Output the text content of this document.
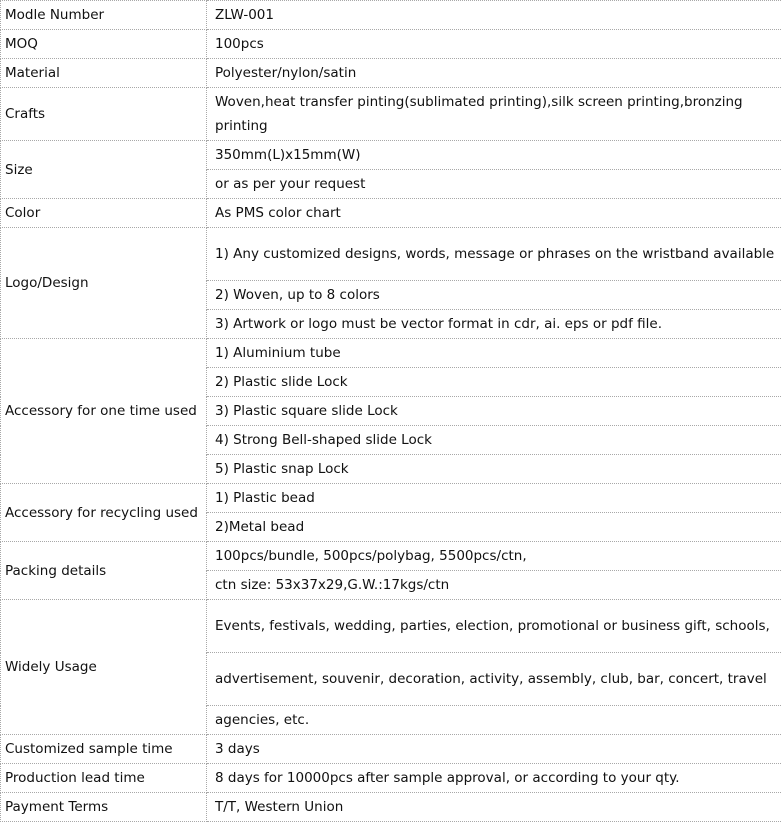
Modle Number	ZLW-001
MOQ	100pcs
Material	Polyester/nylon/satin
Crafts	Woven,heat transfer pinting(sublimated printing),silk screen printing,bronzing printing
Size	350mm(L)x15mm(W)
	or as per your request
Color	As PMS color chart
Logo/Design	1) Any customized designs, words, message or phrases on the wristband available
	2) Woven, up to 8 colors
	3) Artwork or logo must be vector format in cdr, ai. eps or pdf file.
Accessory for one time used	1) Aluminium tube
	2) Plastic slide Lock
	3) Plastic square slide Lock
	4) Strong Bell-shaped slide Lock
	5) Plastic snap Lock
Accessory for recycling used	1) Plastic bead
	2)Metal bead
Packing details	100pcs/bundle, 500pcs/polybag, 5500pcs/ctn,
	ctn size: 53x37x29,G.W.:17kgs/ctn
Widely Usage	Events, festivals, wedding, parties, election, promotional or business gift, schools,
	advertisement, souvenir, decoration, activity, assembly, club, bar, concert, travel
	agencies, etc.
Customized sample time	3 days
Production lead time	8 days for 10000pcs after sample approval, or according to your qty.
Payment Terms	T/T, Western Union
